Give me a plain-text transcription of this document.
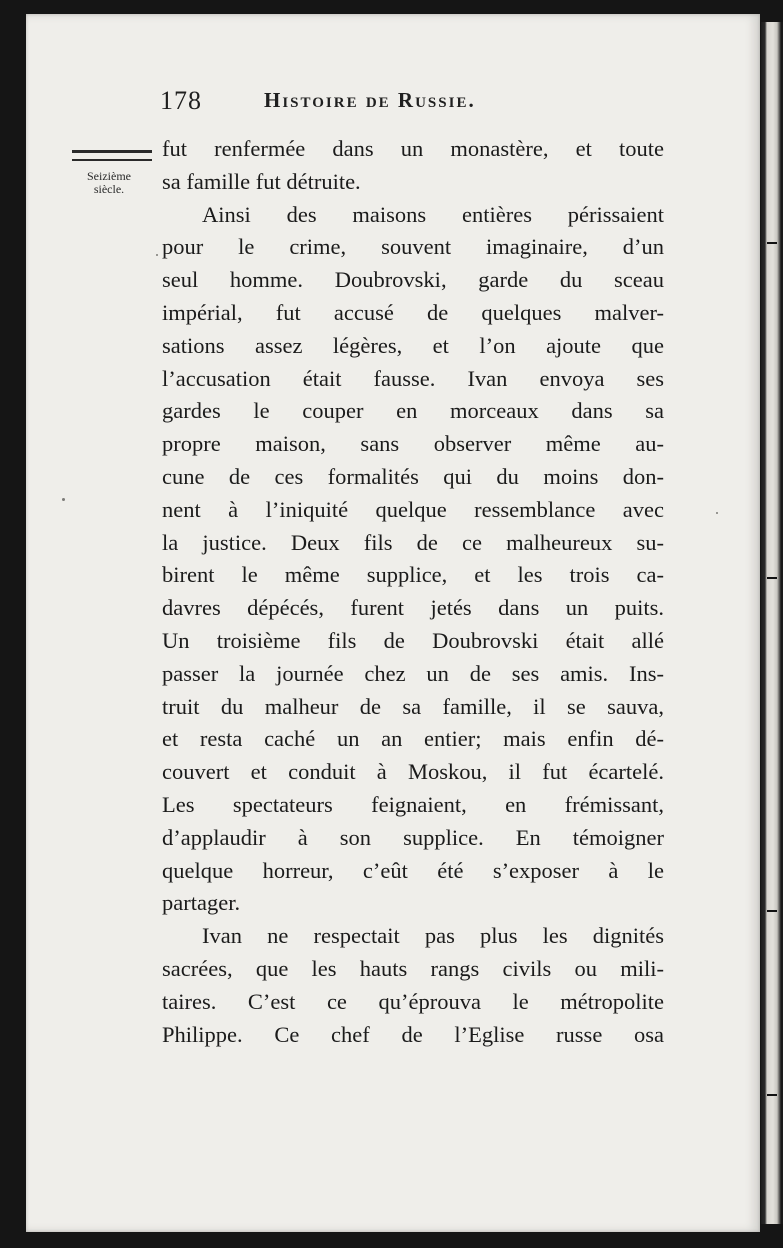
178	Histoire de Russie.
Seizième
siècle.
fut renfermée dans un monastère, et toute
sa famille fut détruite.
Ainsi des maisons entières périssaient
pour le crime, souvent imaginaire, d’un
seul homme. Doubrovski, garde du sceau
impérial, fut accusé de quelques malver-
sations assez légères, et l’on ajoute que
l’accusation était fausse. Ivan envoya ses
gardes le couper en morceaux dans sa
propre maison, sans observer même au-
cune de ces formalités qui du moins don-
nent à l’iniquité quelque ressemblance avec
la justice. Deux fils de ce malheureux su-
birent le même supplice, et les trois ca-
davres dépécés, furent jetés dans un puits.
Un troisième fils de Doubrovski était allé
passer la journée chez un de ses amis. Ins-
truit du malheur de sa famille, il se sauva,
et resta caché un an entier; mais enfin dé-
couvert et conduit à Moskou, il fut écartelé.
Les spectateurs feignaient, en frémissant,
d’applaudir à son supplice. En témoigner
quelque horreur, c’eût été s’exposer à le
partager.
Ivan ne respectait pas plus les dignités
sacrées, que les hauts rangs civils ou mili-
taires. C’est ce qu’éprouva le métropolite
Philippe. Ce chef de l’Eglise russe osa
